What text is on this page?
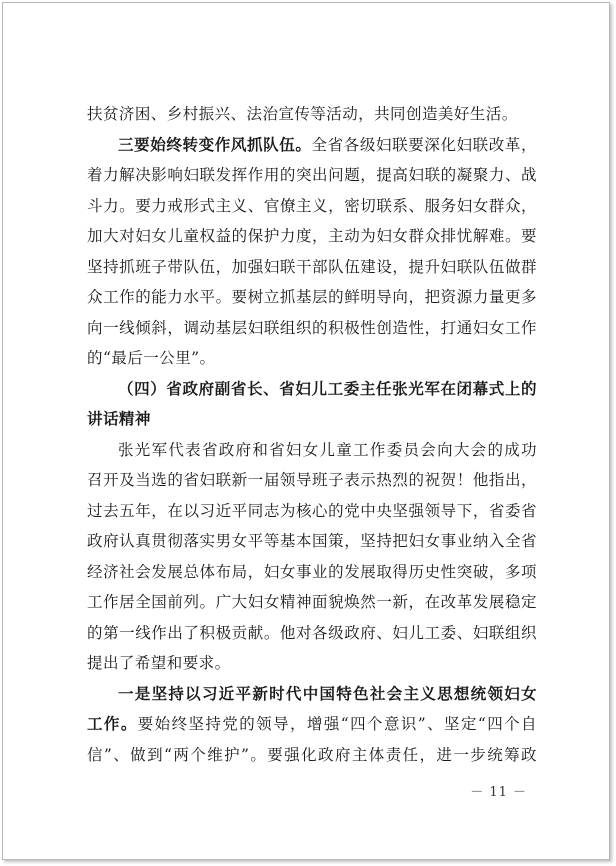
扶贫济困、乡村振兴、法治宣传等活动，共同创造美好生活。
三要始终转变作风抓队伍。全省各级妇联要深化妇联改革，
着力解决影响妇联发挥作用的突出问题，提高妇联的凝聚力、战
斗力。要力戒形式主义、官僚主义，密切联系、服务妇女群众，
加大对妇女儿童权益的保护力度，主动为妇女群众排忧解难。要
坚持抓班子带队伍，加强妇联干部队伍建设，提升妇联队伍做群
众工作的能力水平。要树立抓基层的鲜明导向，把资源力量更多
向一线倾斜，调动基层妇联组织的积极性创造性，打通妇女工作
的“最后一公里”。
（四）省政府副省长、省妇儿工委主任张光军在闭幕式上的
讲话精神
张光军代表省政府和省妇女儿童工作委员会向大会的成功
召开及当选的省妇联新一届领导班子表示热烈的祝贺！他指出，
过去五年，在以习近平同志为核心的党中央坚强领导下，省委省
政府认真贯彻落实男女平等基本国策，坚持把妇女事业纳入全省
经济社会发展总体布局，妇女事业的发展取得历史性突破，多项
工作居全国前列。广大妇女精神面貌焕然一新，在改革发展稳定
的第一线作出了积极贡献。他对各级政府、妇儿工委、妇联组织
提出了希望和要求。
一是坚持以习近平新时代中国特色社会主义思想统领妇女
工作。要始终坚持党的领导，增强“四个意识”、坚定“四个自
信”、做到“两个维护”。要强化政府主体责任，进一步统筹政
－ 11 －
